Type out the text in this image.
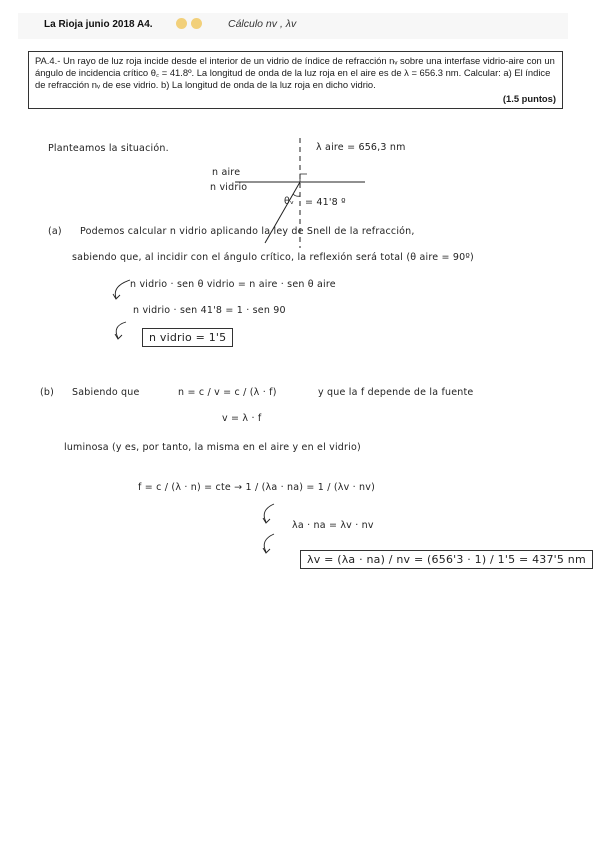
La Rioja junio 2018 A4.	Cálculo nv , λv
PA.4.- Un rayo de luz roja incide desde el interior de un vidrio de índice de refracción nᵥ sobre una interfase vidrio-aire con un ángulo de incidencia crítico θ꜀ = 41.8º. La longitud de onda de la luz roja en el aire es de λ = 656.3 nm. Calcular: a) El índice de refracción nᵥ de ese vidrio. b) La longitud de onda de la luz roja en dicho vidrio.
(1.5 puntos)
Planteamos la situación.	λ aire = 656,3 nm
n aire
n vidrio
θᵥ = 41'8 º
(a) Podemos calcular n vidrio aplicando la ley de Snell de la refracción,
sabiendo que, al incidir con el ángulo crítico, la reflexión será total (θ aire = 90º)
n vidrio · sen θ vidrio = n aire · sen θ aire
n vidrio · sen 41'8 = 1 · sen 90
n vidrio = 1'5
(b) Sabiendo que	n = c / v = c / (λ · f)	y que la f depende de la fuente
v = λ · f
luminosa (y es, por tanto, la misma en el aire y en el vidrio)
f = c / (λ · n) = cte → 1 / (λa · na) = 1 / (λv · nv)
λa · na = λv · nv
λv = (λa · na) / nv = (656'3 · 1) / 1'5 = 437'5 nm
